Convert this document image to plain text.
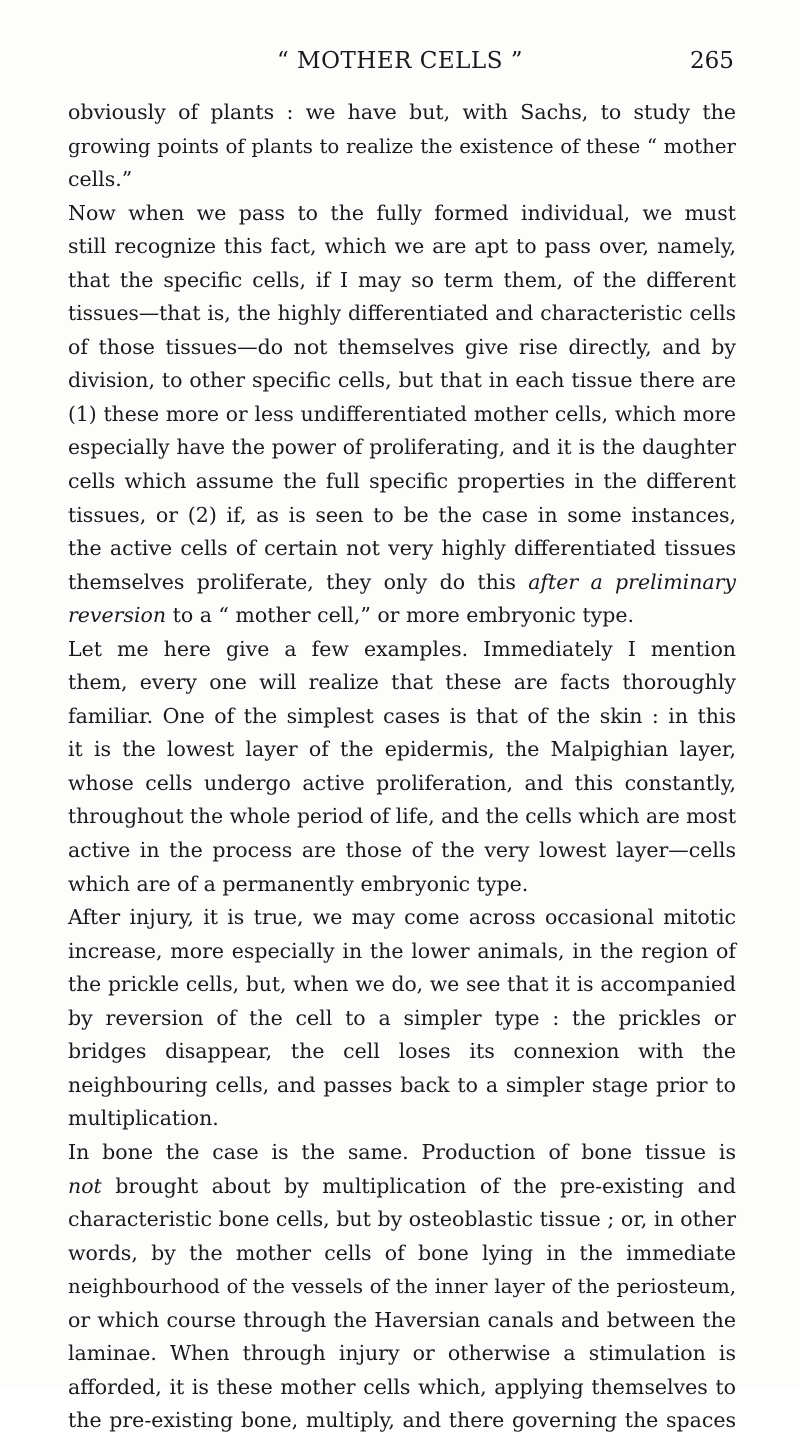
“ MOTHER CELLS ”	265
obviously of plants : we have but, with Sachs, to study the
growing points of plants to realize the existence of these “ mother
cells.”
Now when we pass to the fully formed individual, we must
still recognize this fact, which we are apt to pass over, namely,
that the specific cells, if I may so term them, of the different
tissues—that is, the highly differentiated and characteristic cells
of those tissues—do not themselves give rise directly, and by
division, to other specific cells, but that in each tissue there are
(1) these more or less undifferentiated mother cells, which more
especially have the power of proliferating, and it is the daughter
cells which assume the full specific properties in the different
tissues, or (2) if, as is seen to be the case in some instances,
the active cells of certain not very highly differentiated tissues
themselves proliferate, they only do this after a preliminary
reversion to a “ mother cell,” or more embryonic type.
Let me here give a few examples. Immediately I mention
them, every one will realize that these are facts thoroughly
familiar. One of the simplest cases is that of the skin : in this
it is the lowest layer of the epidermis, the Malpighian layer,
whose cells undergo active proliferation, and this constantly,
throughout the whole period of life, and the cells which are most
active in the process are those of the very lowest layer—cells
which are of a permanently embryonic type.
After injury, it is true, we may come across occasional mitotic
increase, more especially in the lower animals, in the region of
the prickle cells, but, when we do, we see that it is accompanied
by reversion of the cell to a simpler type : the prickles or
bridges disappear, the cell loses its connexion with the
neighbouring cells, and passes back to a simpler stage prior to
multiplication.
In bone the case is the same. Production of bone tissue is
not brought about by multiplication of the pre-existing and
characteristic bone cells, but by osteoblastic tissue ; or, in other
words, by the mother cells of bone lying in the immediate
neighbourhood of the vessels of the inner layer of the periosteum,
or which course through the Haversian canals and between the
laminae. When through injury or otherwise a stimulation is
afforded, it is these mother cells which, applying themselves to
the pre-existing bone, multiply, and there governing the spaces
